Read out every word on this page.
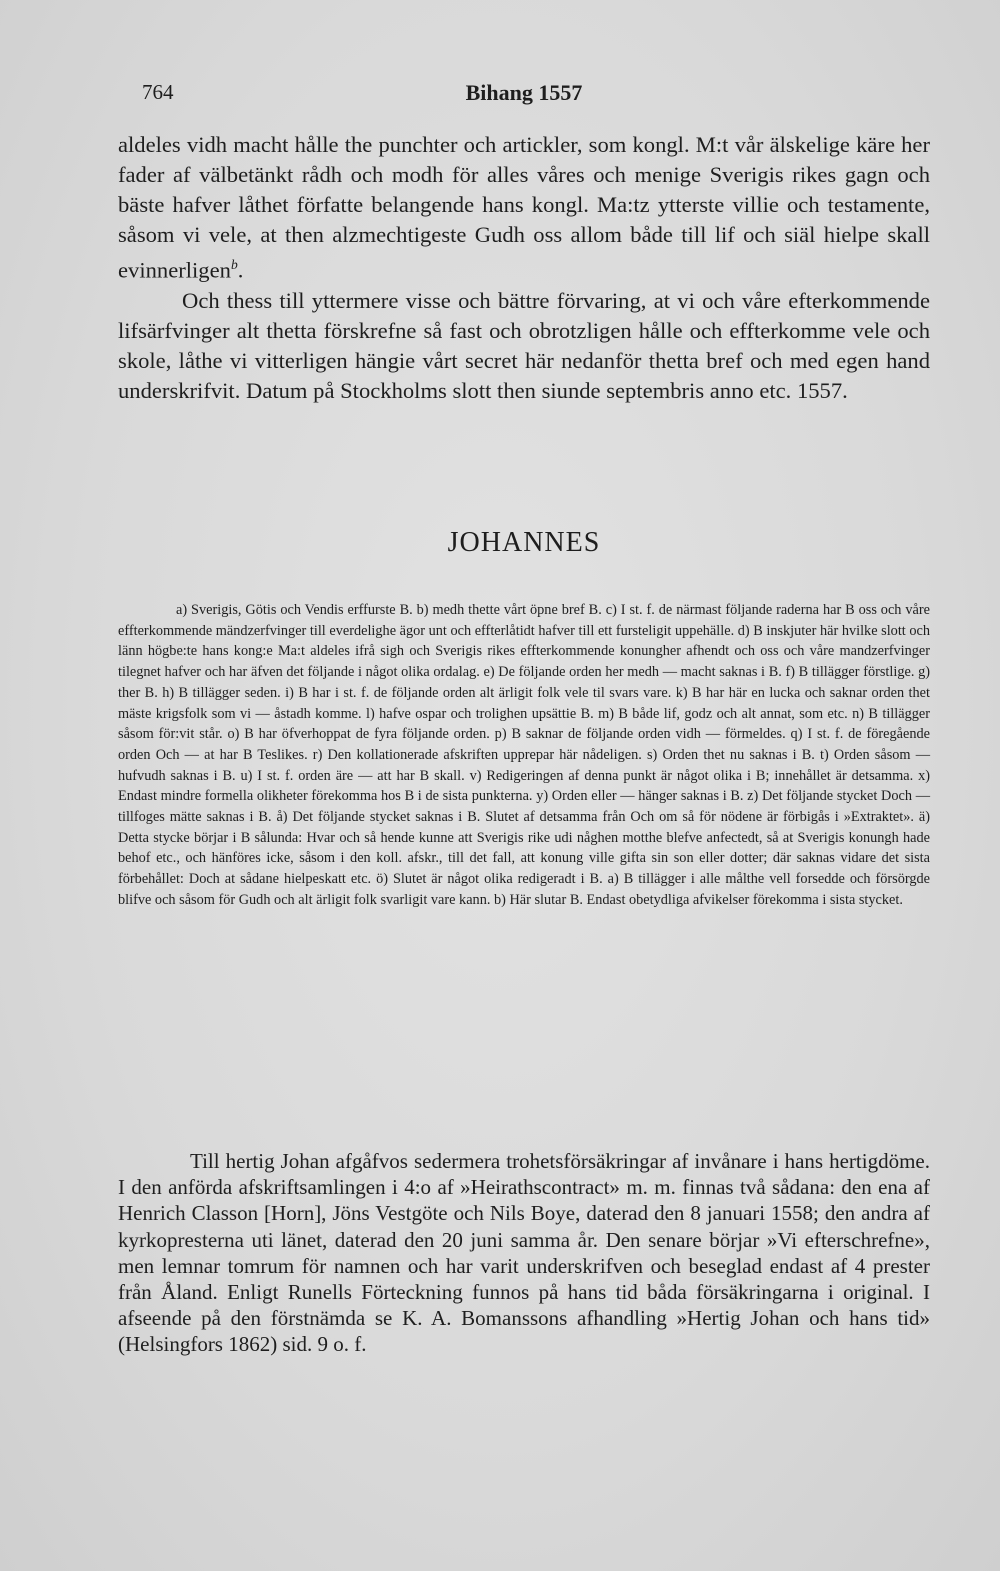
764	Bihang 1557

aldeles vidh macht hålle the punchter och artickler, som kongl. M:t vår älskelige käre her fader af välbetänkt rådh och modh för alles våres och menige Sverigis rikes gagn och bäste hafver låthet författe belangende hans kongl. Ma:tz ytterste villie och testamente, såsom vi vele, at then alzmechtigeste Gudh oss allom både till lif och siäl hielpe skall evinnerligen$^b$.

Och thess till yttermere visse och bättre förvaring, at vi och våre efterkommende lifsärfvinger alt thetta förskrefne så fast och obrotzligen hålle och effterkomme vele och skole, låthe vi vitterligen hängie vårt secret här nedanför thetta bref och med egen hand underskrifvit. Datum på Stockholms slott then siunde septembris anno etc. 1557.

JOHANNES

a) Sverigis, Götis och Vendis erffurste B. b) medh thette vårt öpne bref B. c) I st. f. de närmast följande raderna har B oss och våre effterkommende mändzerfvinger till everdelighe ägor unt och effterlåtidt hafver till ett fursteligit uppehälle. d) B inskjuter här hvilke slott och länn högbe:te hans kong:e Ma:t aldeles ifrå sigh och Sverigis rikes effterkommende konungher afhendt och oss och våre mandzerfvinger tilegnet hafver och har äfven det följande i något olika ordalag. e) De följande orden her medh — macht saknas i B. f) B tillägger förstlige. g) ther B. h) B tillägger seden. i) B har i st. f. de följande orden alt ärligit folk vele til svars vare. k) B har här en lucka och saknar orden thet mäste krigsfolk som vi — åstadh komme. l) hafve ospar och trolighen upsättie B. m) B både lif, godz och alt annat, som etc. n) B tillägger såsom för:vit står. o) B har öfverhoppat de fyra följande orden. p) B saknar de följande orden vidh — förmeldes. q) I st. f. de föregående orden Och — at har B Teslikes. r) Den kollationerade afskriften upprepar här nådeligen. s) Orden thet nu saknas i B. t) Orden såsom — hufvudh saknas i B. u) I st. f. orden äre — att har B skall. v) Redigeringen af denna punkt är något olika i B; innehållet är detsamma. x) Endast mindre formella olikheter förekomma hos B i de sista punkterna. y) Orden eller — hänger saknas i B. z) Det följande stycket Doch — tillfoges mätte saknas i B. å) Det följande stycket saknas i B. Slutet af detsamma från Och om så för nödene är förbigås i »Extraktet». ä) Detta stycke börjar i B sålunda: Hvar och så hende kunne att Sverigis rike udi någhen motthe blefve anfectedt, så at Sverigis konungh hade behof etc., och hänföres icke, såsom i den koll. afskr., till det fall, att konung ville gifta sin son eller dotter; där saknas vidare det sista förbehållet: Doch at sådane hielpeskatt etc. ö) Slutet är något olika redigeradt i B. a) B tillägger i alle målthe vell forsedde och försörgde blifve och såsom för Gudh och alt ärligit folk svarligit vare kann. b) Här slutar B. Endast obetydliga afvikelser förekomma i sista stycket.

Till hertig Johan afgåfvos sedermera trohetsförsäkringar af invånare i hans hertigdöme. I den anförda afskriftsamlingen i 4:o af »Heirathscontract» m. m. finnas två sådana: den ena af Henrich Classon [Horn], Jöns Vestgöte och Nils Boye, daterad den 8 januari 1558; den andra af kyrkopresterna uti länet, daterad den 20 juni samma år. Den senare börjar »Vi efterschrefne», men lemnar tomrum för namnen och har varit underskrifven och beseglad endast af 4 prester från Åland. Enligt Runells Förteckning funnos på hans tid båda försäkringarna i original. I afseende på den förstnämda se K. A. Bomanssons afhandling »Hertig Johan och hans tid» (Helsingfors 1862) sid. 9 o. f.
